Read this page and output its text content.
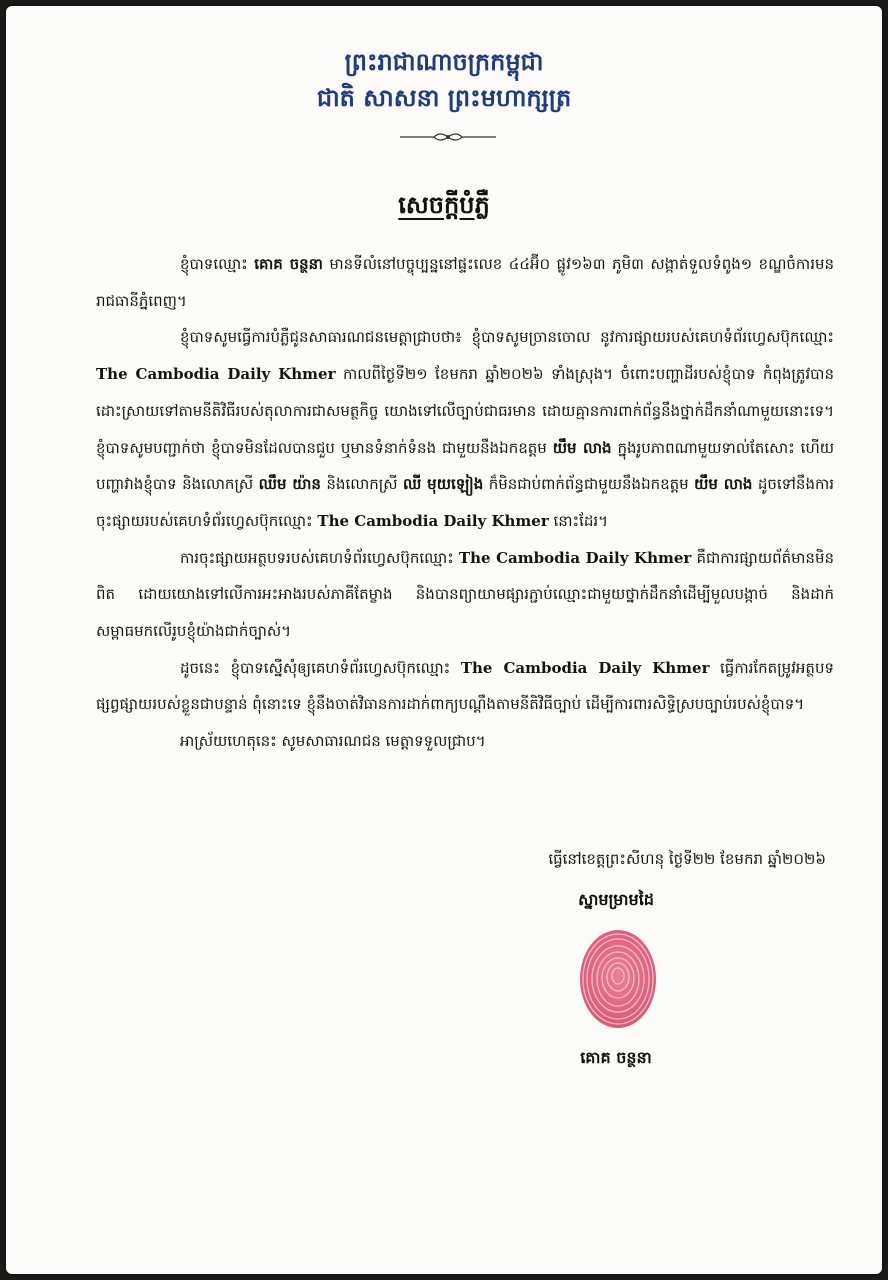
ព្រះរាជាណាចក្រកម្ពុជា
ជាតិ សាសនា ព្រះមហាក្សត្រ
សេចក្តីបំភ្លឺ

ខ្ញុំបាទឈ្មោះ គោគ ចន្ថនា មានទីលំនៅបច្ចុប្បន្ននៅផ្ទះលេខ ៤៤អ៊ី០ ផ្លូវ១៦៣ ភូមិ៣ សង្កាត់ទួលទំពូង១ ខណ្ឌចំការមន រាជធានីភ្នំពេញ។

ខ្ញុំបាទសូមធ្វើការបំភ្លឺជូនសាធារណជនមេត្តាជ្រាបថា៖ ខ្ញុំបាទសូមច្រានចោល នូវការផ្សាយរបស់គេហទំព័រហ្វេសប៊ុកឈ្មោះ The Cambodia Daily Khmer កាលពីថ្ងៃទី២១ ខែមករា ឆ្នាំ២០២៦ ទាំងស្រុង។ ចំពោះបញ្ហាដីរបស់ខ្ញុំបាទ កំពុងត្រូវបានដោះស្រាយទៅតាមនីតិវិធីរបស់តុលាការជាសមត្ថកិច្ច យោងទៅលើច្បាប់ជាធរមាន ដោយគ្មានការពាក់ព័ន្ធនឹងថ្នាក់ដឹកនាំណាមួយនោះទេ។ ខ្ញុំបាទសូមបញ្ជាក់ថា ខ្ញុំបាទមិនដែលបានជួប ឬមានទំនាក់ទំនង ជាមួយនឹងឯកឧត្តម យឹម លាង ក្នុងរូបភាពណាមួយទាល់តែសោះ ហើយបញ្ហាវាងខ្ញុំបាទ និងលោកស្រី ឈឹម យ៉ាន និងលោកស្រី ឈី មុយឡៀង ក៏មិនជាប់ពាក់ព័ន្ធជាមួយនឹងឯកឧត្តម យឹម លាង ដូចទៅនឹងការចុះផ្សាយរបស់គេហទំព័រហ្វេសប៊ុកឈ្មោះ The Cambodia Daily Khmer នោះដែរ។

ការចុះផ្សាយអត្ថបទរបស់គេហទំព័រហ្វេសប៊ុកឈ្មោះ The Cambodia Daily Khmer គឺជាការផ្សាយព័ត៌មានមិនពិត ដោយយោងទៅលើការអះអាងរបស់ភាគីតែម្ខាង និងបានព្យាយាមផ្សារភ្ជាប់ឈ្មោះជាមួយថ្នាក់ដឹកនាំដើម្បីមួលបង្កាច់ និងដាក់សម្ពាធមកលើរូបខ្ញុំយ៉ាងជាក់ច្បាស់។

ដូចនេះ ខ្ញុំបាទស្នើសុំឲ្យគេហទំព័រហ្វេសប៊ុកឈ្មោះ The Cambodia Daily Khmer ធ្វើការកែតម្រូវអត្ថបទផ្សព្វផ្សាយរបស់ខ្លួនជាបន្ទាន់ ពុំនោះទេ ខ្ញុំនឹងចាត់វិធានការដាក់ពាក្យបណ្តឹងតាមនីតិវិធីច្បាប់ ដើម្បីការពារសិទ្ធិស្របច្បាប់របស់ខ្ញុំបាទ។

អាស្រ័យហេតុនេះ សូមសាធារណជន មេត្តាទទួលជ្រាប។

ធ្វើនៅខេត្តព្រះសីហនុ ថ្ងៃទី២២ ខែមករា ឆ្នាំ២០២៦
ស្នាមម្រាមដៃ
គោគ ចន្ថនា
